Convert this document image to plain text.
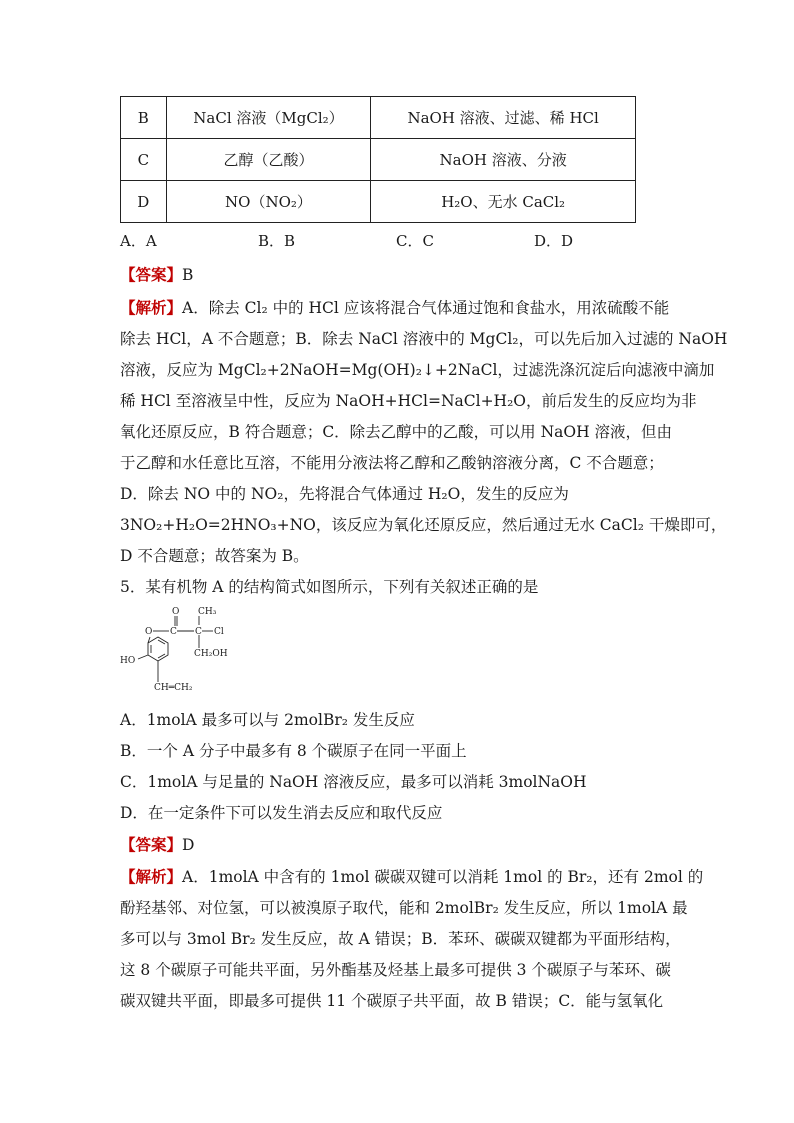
B	NaCl 溶液（MgCl₂）	NaOH 溶液、过滤、稀 HCl
C	乙醇（乙酸）	NaOH 溶液、分液
D	NO（NO₂）	H₂O、无水 CaCl₂
A．A	B．B	C．C	D．D
【答案】B
【解析】A．除去 Cl₂ 中的 HCl 应该将混合气体通过饱和食盐水，用浓硫酸不能
除去 HCl，A 不合题意；B．除去 NaCl 溶液中的 MgCl₂，可以先后加入过滤的 NaOH
溶液，反应为 MgCl₂+2NaOH=Mg(OH)₂↓+2NaCl，过滤洗涤沉淀后向滤液中滴加
稀 HCl 至溶液呈中性，反应为 NaOH+HCl=NaCl+H₂O，前后发生的反应均为非
氧化还原反应，B 符合题意；C．除去乙醇中的乙酸，可以用 NaOH 溶液，但由
于乙醇和水任意比互溶，不能用分液法将乙醇和乙酸钠溶液分离，C 不合题意；
D．除去 NO 中的 NO₂，先将混合气体通过 H₂O，发生的反应为
3NO₂+H₂O=2HNO₃+NO，该反应为氧化还原反应，然后通过无水 CaCl₂ 干燥即可，
D 不合题意；故答案为 B。
5．某有机物 A 的结构简式如图所示，下列有关叙述正确的是
O CH₃
O C C Cl
CH₂OH
HO
CH═CH₂
A．1molA 最多可以与 2molBr₂ 发生反应
B．一个 A 分子中最多有 8 个碳原子在同一平面上
C．1molA 与足量的 NaOH 溶液反应，最多可以消耗 3molNaOH
D．在一定条件下可以发生消去反应和取代反应
【答案】D
【解析】A．1molA 中含有的 1mol 碳碳双键可以消耗 1mol 的 Br₂，还有 2mol 的
酚羟基邻、对位氢，可以被溴原子取代，能和 2molBr₂ 发生反应，所以 1molA 最
多可以与 3mol Br₂ 发生反应，故 A 错误；B．苯环、碳碳双键都为平面形结构，
这 8 个碳原子可能共平面，另外酯基及烃基上最多可提供 3 个碳原子与苯环、碳
碳双键共平面，即最多可提供 11 个碳原子共平面，故 B 错误；C．能与氢氧化
